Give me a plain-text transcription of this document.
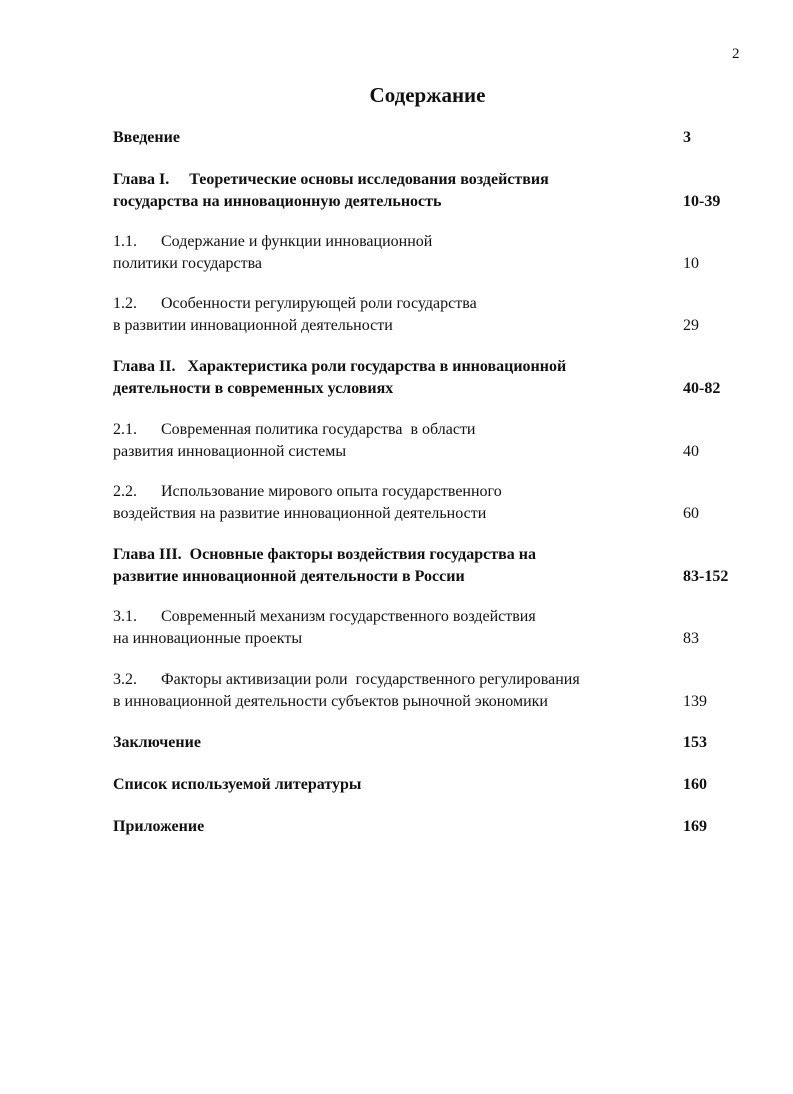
2
Содержание
Введение	3
Глава I.     Теоретические основы исследования воздействия
государства на инновационную деятельность	10-39
1.1. Содержание и функции инновационной
политики государства	10
1.2. Особенности регулирующей роли государства
в развитии инновационной деятельности	29
Глава II.   Характеристика роли государства в инновационной
деятельности в современных условиях	40-82
2.1. Современная политика государства  в области
развития инновационной системы	40
2.2. Использование мирового опыта государственного
воздействия на развитие инновационной деятельности	60
Глава III.  Основные факторы воздействия государства на
развитие инновационной деятельности в России	83-152
3.1. Современный механизм государственного воздействия
на инновационные проекты	83
3.2. Факторы активизации роли  государственного регулирования
в инновационной деятельности субъектов рыночной экономики	139
Заключение	153
Список используемой литературы	160
Приложение	169
